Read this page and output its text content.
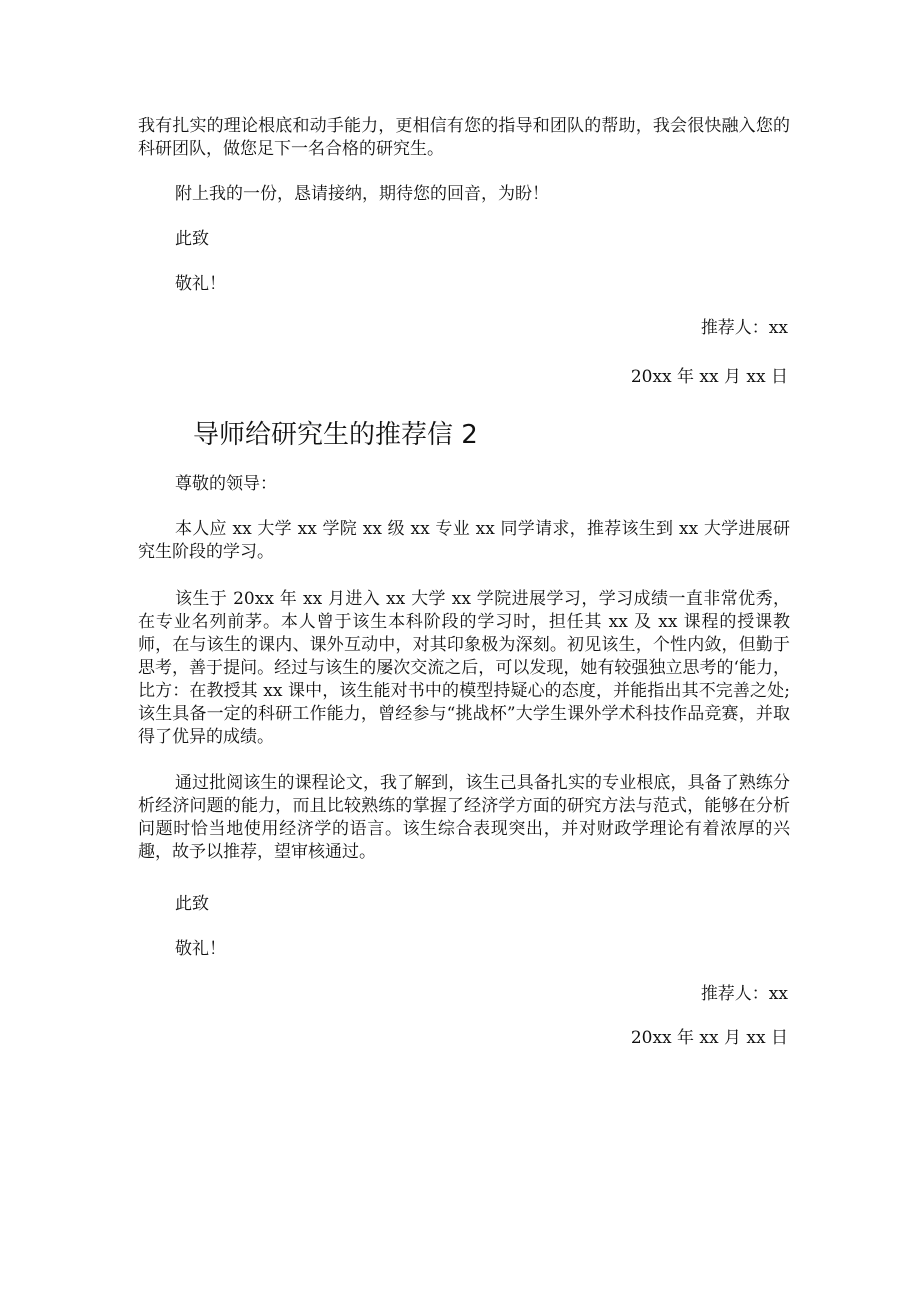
我有扎实的理论根底和动手能力，更相信有您的指导和团队的帮助，我会很快融入您的科研团队，做您足下一名合格的研究生。

附上我的一份，恳请接纳，期待您的回音，为盼！

此致

敬礼！

推荐人：xx

20xx 年 xx 月 xx 日

导师给研究生的推荐信 2

尊敬的领导：

本人应 xx 大学 xx 学院 xx 级 xx 专业 xx 同学请求，推荐该生到 xx 大学进展研究生阶段的学习。

该生于 20xx 年 xx 月进入 xx 大学 xx 学院进展学习，学习成绩一直非常优秀，在专业名列前茅。本人曾于该生本科阶段的学习时，担任其 xx 及 xx 课程的授课教师，在与该生的课内、课外互动中，对其印象极为深刻。初见该生，个性内敛，但勤于思考，善于提问。经过与该生的屡次交流之后，可以发现，她有较强独立思考的‘能力，比方：在教授其 xx 课中，该生能对书中的模型持疑心的态度，并能指出其不完善之处;该生具备一定的科研工作能力，曾经参与“挑战杯”大学生课外学术科技作品竞赛，并取得了优异的成绩。

通过批阅该生的课程论文，我了解到，该生己具备扎实的专业根底，具备了熟练分析经济问题的能力，而且比较熟练的掌握了经济学方面的研究方法与范式，能够在分析问题时恰当地使用经济学的语言。该生综合表现突出，并对财政学理论有着浓厚的兴趣，故予以推荐，望审核通过。

此致

敬礼！

推荐人：xx

20xx 年 xx 月 xx 日
